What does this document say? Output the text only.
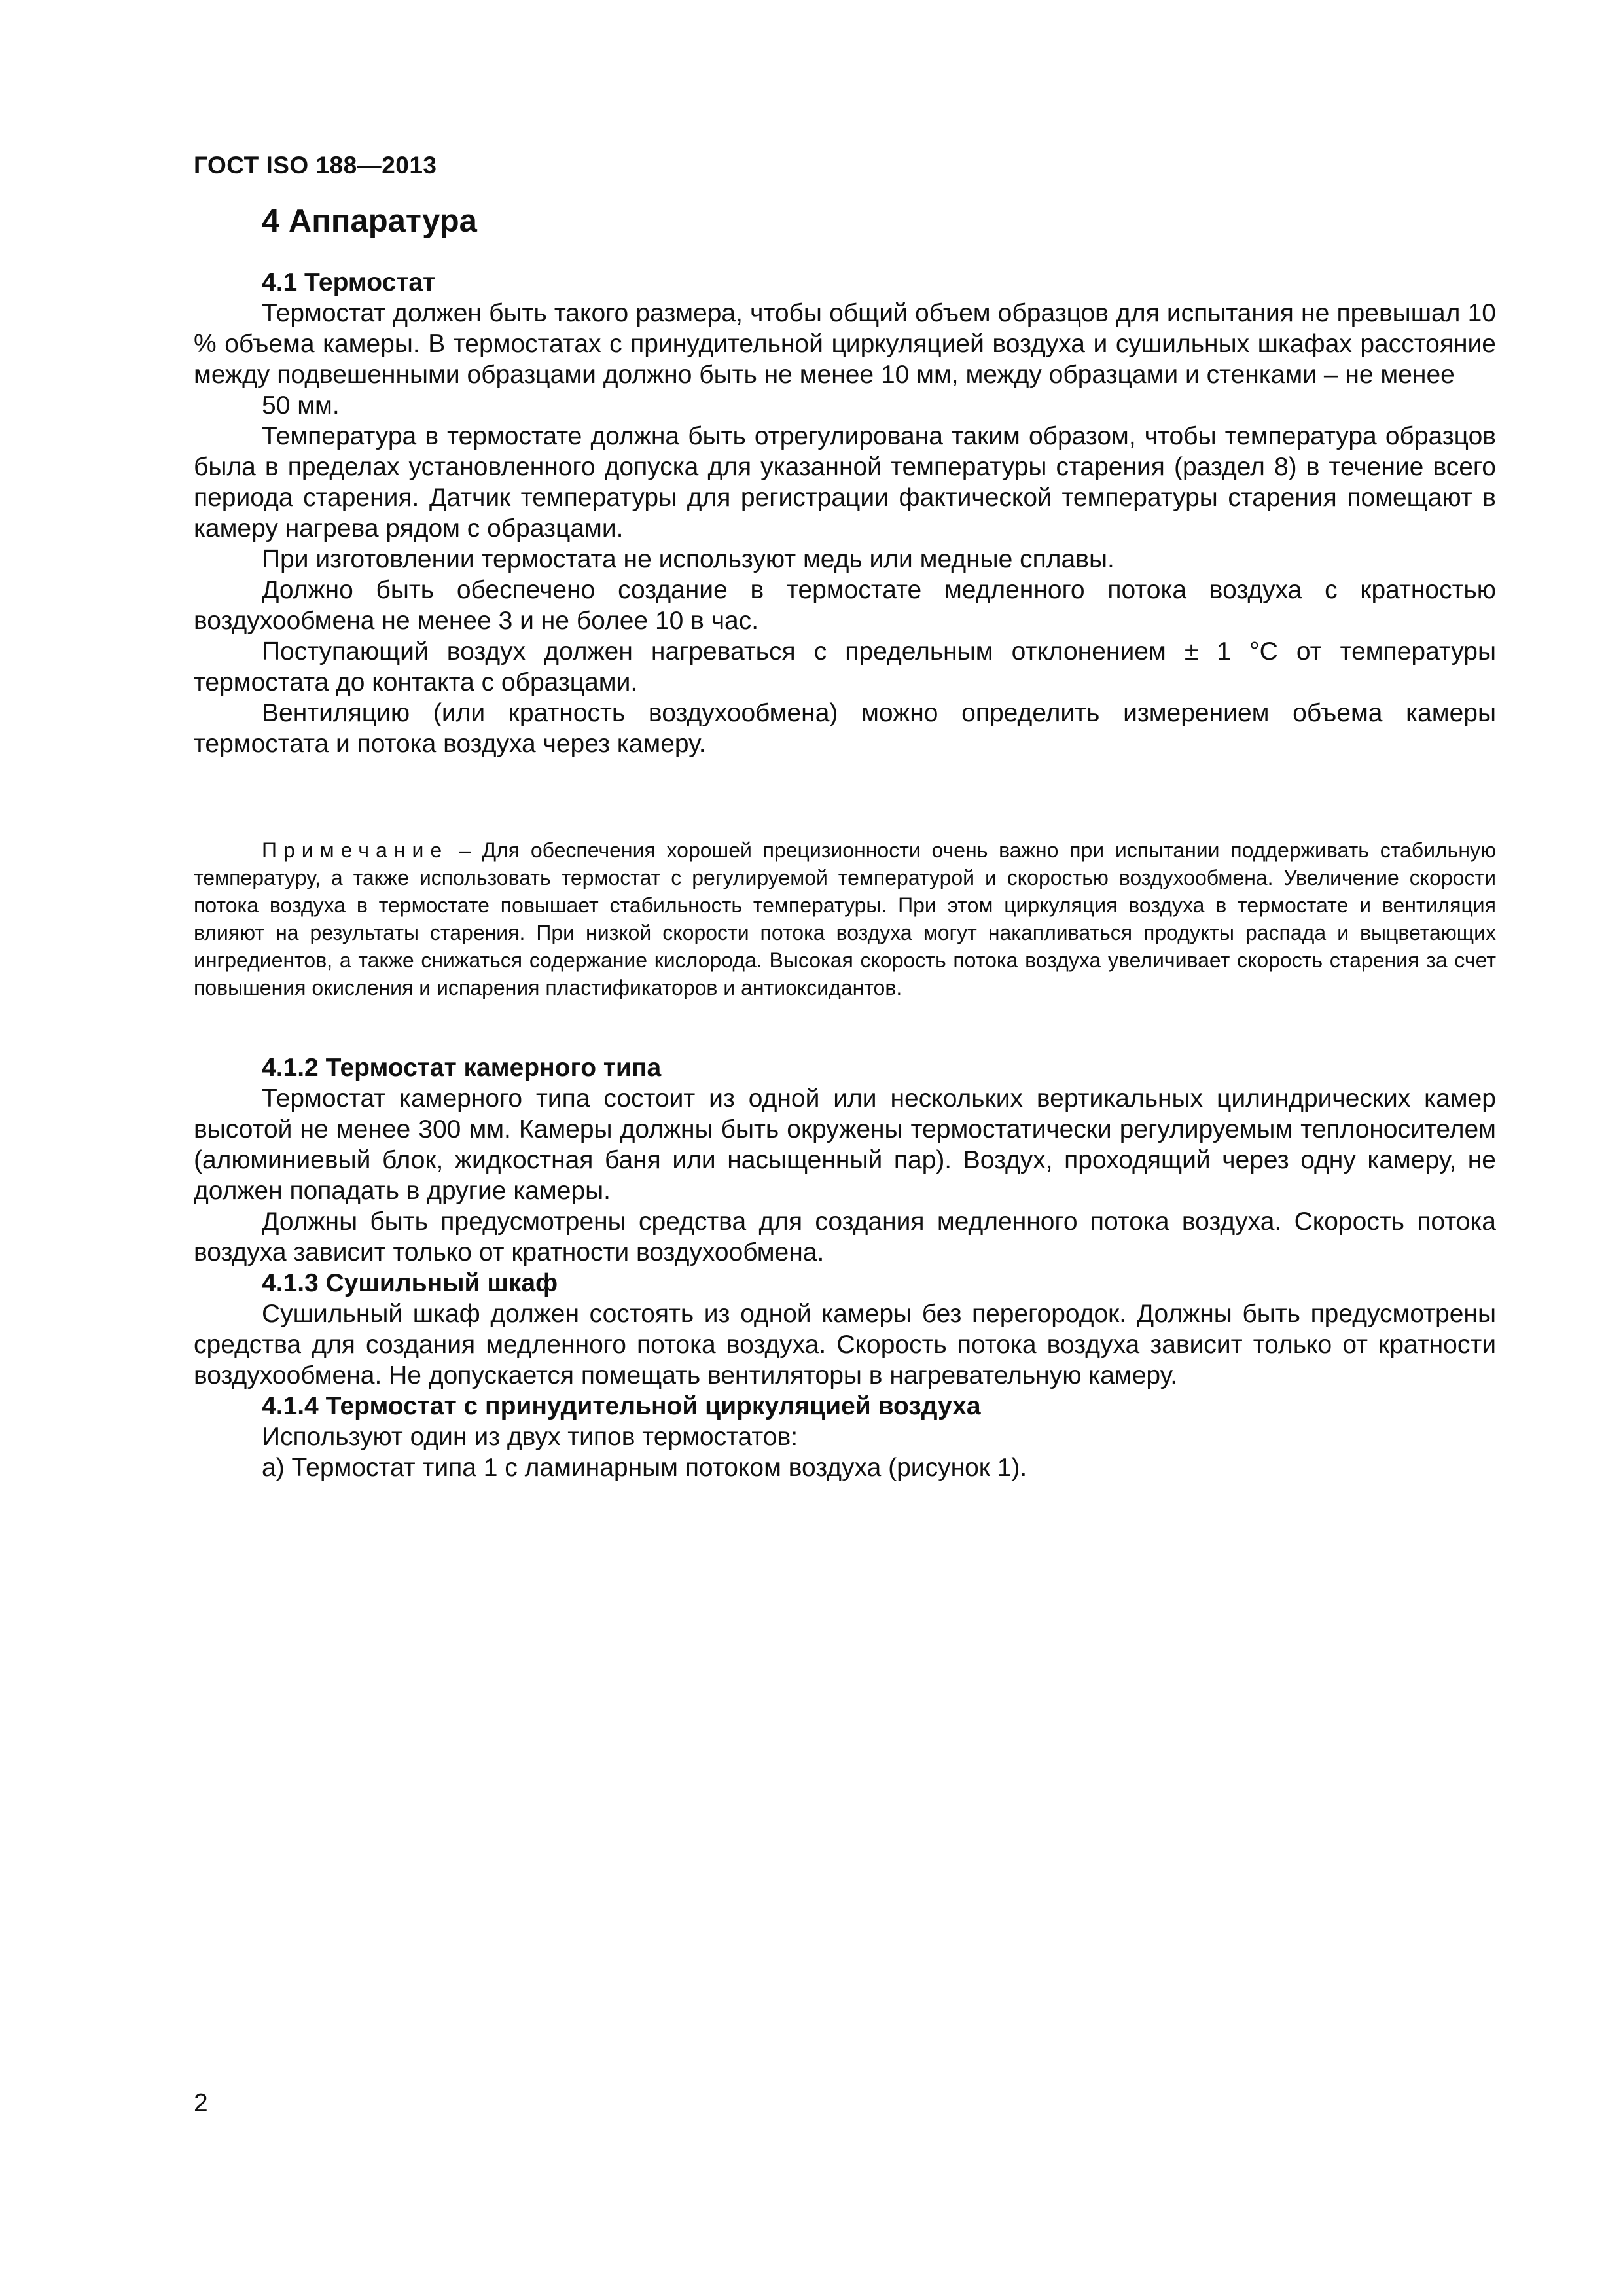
ГОСТ ISO 188—2013
4 Аппаратура
4.1 Термостат

Термостат должен быть такого размера, чтобы общий объем образцов для испытания не превышал 10 % объема камеры. В термостатах с принудительной циркуляцией воздуха и сушильных шкафах расстояние между подвешенными образцами должно быть не менее 10 мм, между образцами и стенками – не менее

50 мм.

Температура в термостате должна быть отрегулирована таким образом, чтобы температура образцов была в пределах установленного допуска для указанной температуры старения (раздел 8) в течение всего периода старения. Датчик температуры для регистрации фактической температуры старения помещают в камеру нагрева рядом с образцами.

При изготовлении термостата не используют медь или медные сплавы.

Должно быть обеспечено создание в термостате медленного потока воздуха с кратностью воздухообмена не менее 3 и не более 10 в час.

Поступающий воздух должен нагреваться с предельным отклонением ± 1 °С от температуры термостата до контакта с образцами.

Вентиляцию (или кратность воздухообмена) можно определить измерением объема камеры термостата и потока воздуха через камеру.

Примечание – Для обеспечения хорошей прецизионности очень важно при испытании поддерживать стабильную температуру, а также использовать термостат с регулируемой температурой и скоростью воздухообмена. Увеличение скорости потока воздуха в термостате повышает стабильность температуры. При этом циркуляция воздуха в термостате и вентиляция влияют на результаты старения. При низкой скорости потока воздуха могут накапливаться продукты распада и выцветающих ингредиентов, а также снижаться содержание кислорода. Высокая скорость потока воздуха увеличивает скорость старения за счет повышения окисления и испарения пластификаторов и антиоксидантов.
4.1.2 Термостат камерного типа

Термостат камерного типа состоит из одной или нескольких вертикальных цилиндрических камер высотой не менее 300 мм. Камеры должны быть окружены термостатически регулируемым теплоносителем (алюминиевый блок, жидкостная баня или насыщенный пар). Воздух, проходящий через одну камеру, не должен попадать в другие камеры.

Должны быть предусмотрены средства для создания медленного потока воздуха. Скорость потока воздуха зависит только от кратности воздухообмена.

4.1.3 Сушильный шкаф

Сушильный шкаф должен состоять из одной камеры без перегородок. Должны быть предусмотрены средства для создания медленного потока воздуха. Скорость потока воздуха зависит только от кратности воздухообмена. Не допускается помещать вентиляторы в нагревательную камеру.

4.1.4 Термостат с принудительной циркуляцией воздуха

Используют один из двух типов термостатов:

а) Термостат типа 1 с ламинарным потоком воздуха (рисунок 1).

2
